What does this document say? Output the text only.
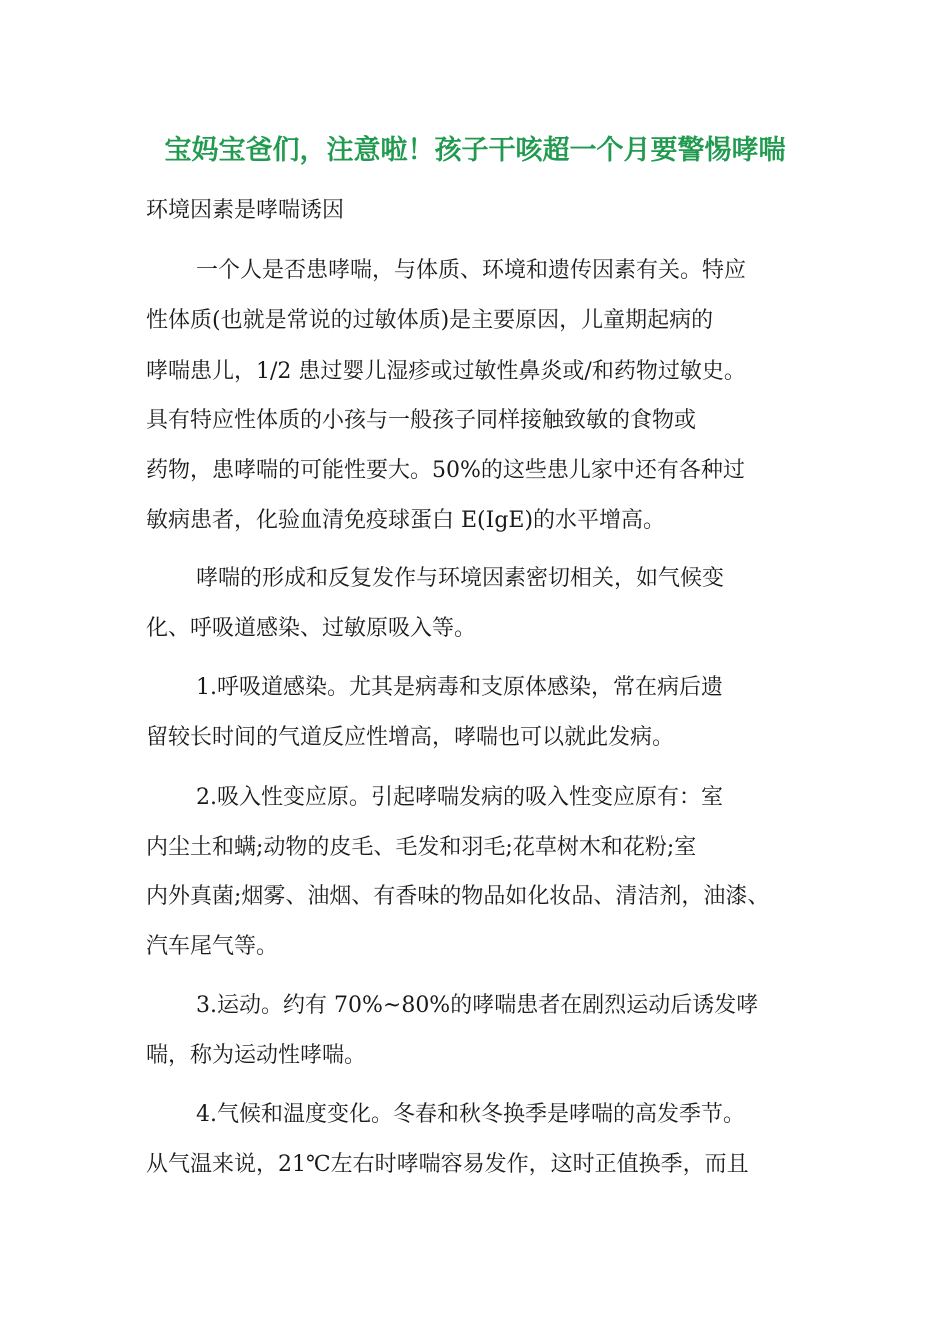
宝妈宝爸们，注意啦！孩子干咳超一个月要警惕哮喘
环境因素是哮喘诱因
一个人是否患哮喘，与体质、环境和遗传因素有关。特应
性体质(也就是常说的过敏体质)是主要原因，儿童期起病的
哮喘患儿，1/2 患过婴儿湿疹或过敏性鼻炎或/和药物过敏史。
具有特应性体质的小孩与一般孩子同样接触致敏的食物或
药物，患哮喘的可能性要大。50%的这些患儿家中还有各种过
敏病患者，化验血清免疫球蛋白 E(IgE)的水平增高。
哮喘的形成和反复发作与环境因素密切相关，如气候变
化、呼吸道感染、过敏原吸入等。
1.呼吸道感染。尤其是病毒和支原体感染，常在病后遗
留较长时间的气道反应性增高，哮喘也可以就此发病。
2.吸入性变应原。引起哮喘发病的吸入性变应原有：室
内尘土和螨;动物的皮毛、毛发和羽毛;花草树木和花粉;室
内外真菌;烟雾、油烟、有香味的物品如化妆品、清洁剂，油漆、
汽车尾气等。
3.运动。约有 70%~80%的哮喘患者在剧烈运动后诱发哮
喘，称为运动性哮喘。
4.气候和温度变化。冬春和秋冬换季是哮喘的高发季节。
从气温来说，21℃左右时哮喘容易发作，这时正值换季，而且
